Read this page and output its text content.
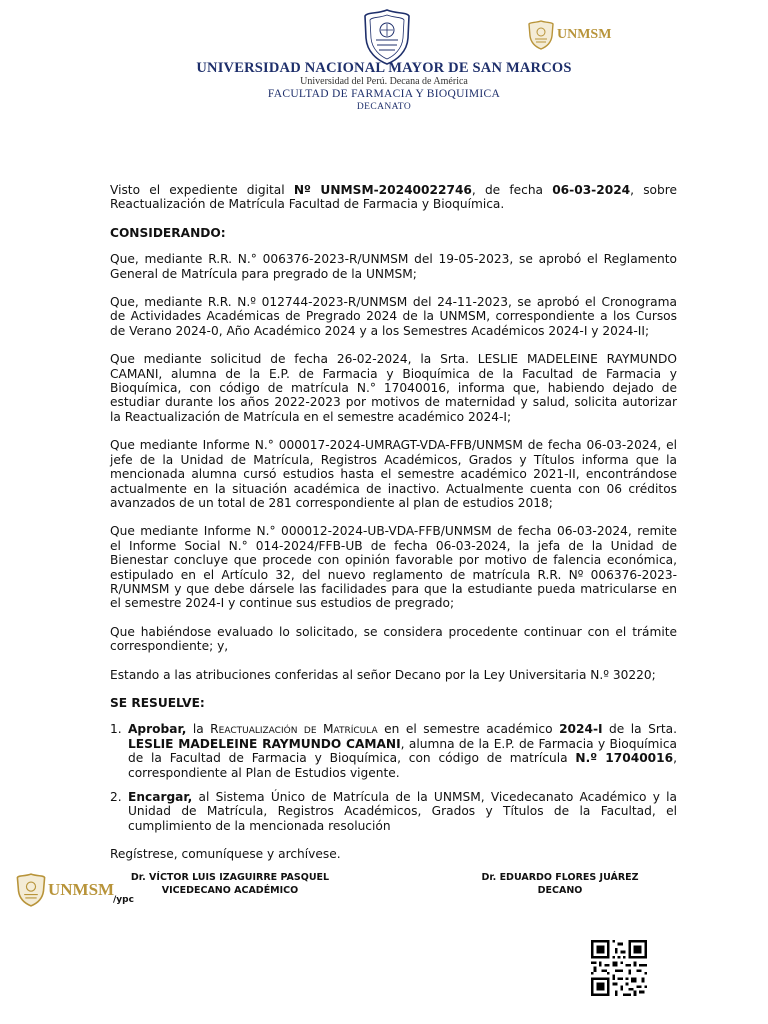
UNMSM
UNIVERSIDAD NACIONAL MAYOR DE SAN MARCOS
Universidad del Perú. Decana de América
FACULTAD DE FARMACIA Y BIOQUIMICA
DECANATO

Visto el expediente digital Nº UNMSM-20240022746, de fecha 06-03-2024, sobre Reactualización de Matrícula Facultad de Farmacia y Bioquímica.

CONSIDERANDO:

Que, mediante R.R. N.° 006376-2023-R/UNMSM del 19-05-2023, se aprobó el Reglamento General de Matrícula para pregrado de la UNMSM;

Que, mediante R.R. N.º 012744-2023-R/UNMSM del 24-11-2023, se aprobó el Cronograma de Actividades Académicas de Pregrado 2024 de la UNMSM, correspondiente a los Cursos de Verano 2024-0, Año Académico 2024 y a los Semestres Académicos 2024-I y 2024-II;

Que mediante solicitud de fecha 26-02-2024, la Srta. LESLIE MADELEINE RAYMUNDO CAMANI, alumna de la E.P. de Farmacia y Bioquímica de la Facultad de Farmacia y Bioquímica, con código de matrícula N.° 17040016, informa que, habiendo dejado de estudiar durante los años 2022-2023 por motivos de maternidad y salud, solicita autorizar la Reactualización de Matrícula en el semestre académico 2024-I;

Que mediante Informe N.° 000017-2024-UMRAGT-VDA-FFB/UNMSM de fecha 06-03-2024, el jefe de la Unidad de Matrícula, Registros Académicos, Grados y Títulos informa que la mencionada alumna cursó estudios hasta el semestre académico 2021-II, encontrándose actualmente en la situación académica de inactivo. Actualmente cuenta con 06 créditos avanzados de un total de 281 correspondiente al plan de estudios 2018;

Que mediante Informe N.° 000012-2024-UB-VDA-FFB/UNMSM de fecha 06-03-2024, remite el Informe Social N.° 014-2024/FFB-UB de fecha 06-03-2024, la jefa de la Unidad de Bienestar concluye que procede con opinión favorable por motivo de falencia económica, estipulado en el Artículo 32, del nuevo reglamento de matrícula R.R. Nº 006376-2023-R/UNMSM y que debe dársele las facilidades para que la estudiante pueda matricularse en el semestre 2024-I y continue sus estudios de pregrado;

Que habiéndose evaluado lo solicitado, se considera procedente continuar con el trámite correspondiente; y,

Estando a las atribuciones conferidas al señor Decano por la Ley Universitaria N.º 30220;

SE RESUELVE:

1. Aprobar, la Reactualización de Matrícula en el semestre académico 2024-I de la Srta. LESLIE MADELEINE RAYMUNDO CAMANI, alumna de la E.P. de Farmacia y Bioquímica de la Facultad de Farmacia y Bioquímica, con código de matrícula N.º 17040016, correspondiente al Plan de Estudios vigente.
2. Encargar, al Sistema Único de Matrícula de la UNMSM, Vicedecanato Académico y la Unidad de Matrícula, Registros Académicos, Grados y Títulos de la Facultad, el cumplimiento de la mencionada resolución

Regístrese, comuníquese y archívese.

Dr. VÍCTOR LUIS IZAGUIRRE PASQUEL
VICEDECANO ACADÉMICO
Dr. EDUARDO FLORES JUÁREZ
DECANO
UNMSM
/ypc
